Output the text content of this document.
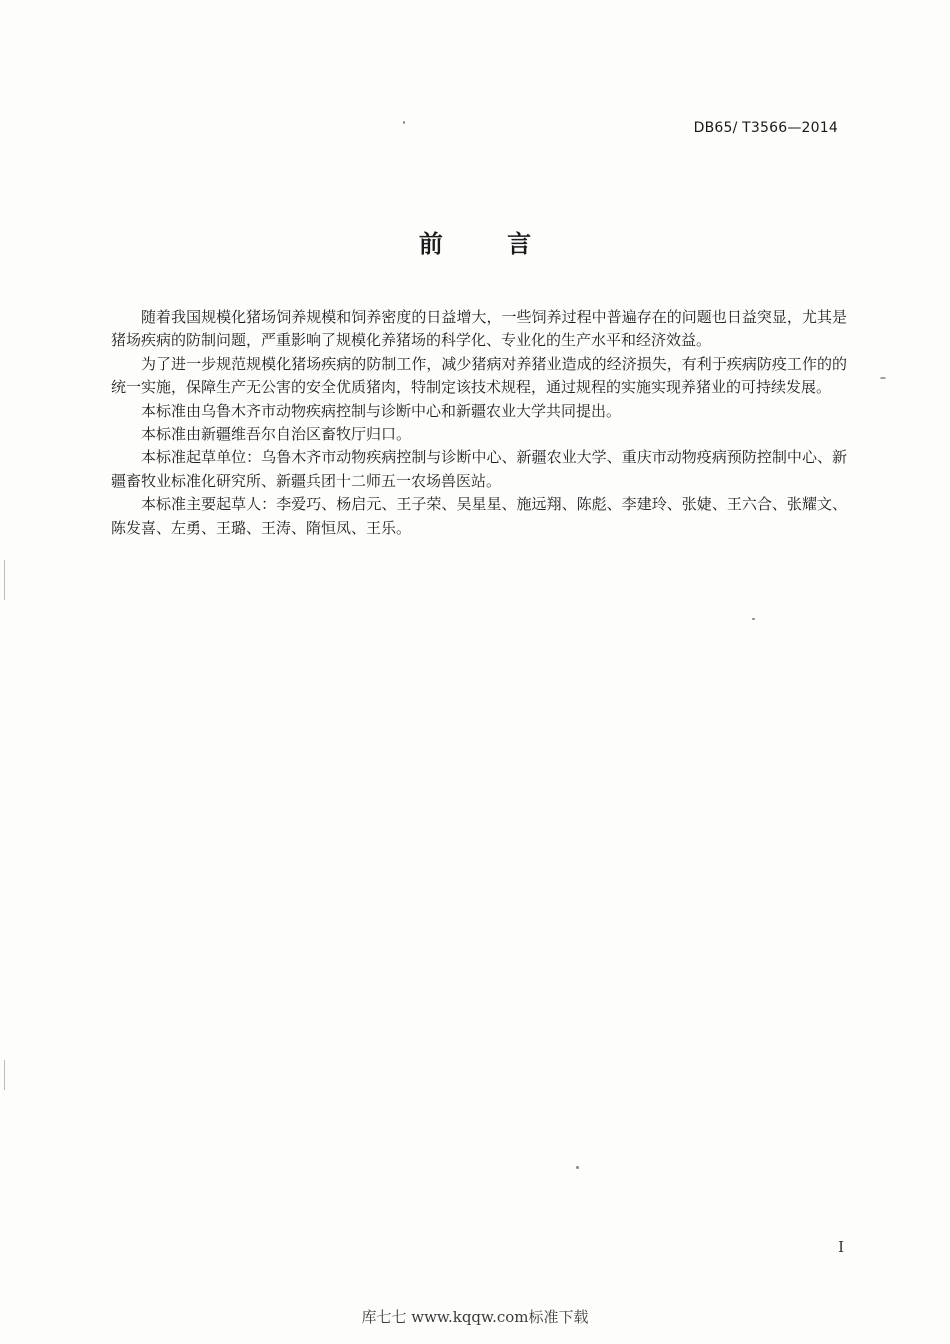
DB65/ T3566—2014
前 言

随着我国规模化猪场饲养规模和饲养密度的日益增大，一些饲养过程中普遍存在的问题也日益突显，尤其是猪场疾病的防制问题，严重影响了规模化养猪场的科学化、专业化的生产水平和经济效益。

为了进一步规范规模化猪场疾病的防制工作，减少猪病对养猪业造成的经济损失，有利于疾病防疫工作的的统一实施，保障生产无公害的安全优质猪肉，特制定该技术规程，通过规程的实施实现养猪业的可持续发展。

本标准由乌鲁木齐市动物疾病控制与诊断中心和新疆农业大学共同提出。

本标准由新疆维吾尔自治区畜牧厅归口。

本标准起草单位：乌鲁木齐市动物疾病控制与诊断中心、新疆农业大学、重庆市动物疫病预防控制中心、新疆畜牧业标准化研究所、新疆兵团十二师五一农场兽医站。

本标准主要起草人：李爱巧、杨启元、王子荣、吴星星、施远翔、陈彪、李建玲、张婕、王六合、张耀文、陈发喜、左勇、王璐、王涛、隋恒凤、王乐。

I
库七七 www.kqqw.com标准下载
